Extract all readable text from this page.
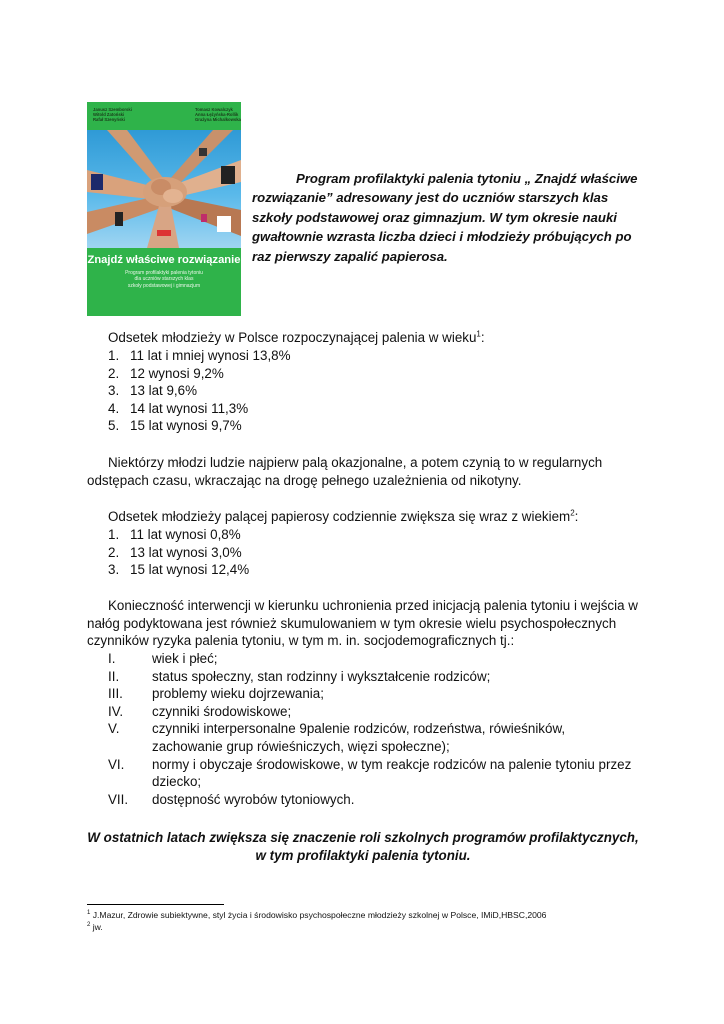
Janusz Szemborski
Witold Zatoński
Rafał Szenyński
Tomasz Kowalczyk
Anna Łężyńska-Rollik
Grażyna Michalkowska
Znajdź właściwe rozwiązanie
Program profilaktyki palenia tytoniu
dla uczniów starszych klas
szkoły podstawowej i gimnazjum
Program profilaktyki palenia tytoniu „ Znajdź właściwe rozwiązanie” adresowany jest do uczniów starszych klas szkoły podstawowej oraz gimnazjum. W tym okresie nauki gwałtownie wzrasta liczba dzieci i młodzieży próbujących po raz pierwszy zapalić papierosa.
Odsetek młodzieży w Polsce rozpoczynającej palenia w wieku$^1$:
1. 11 lat i mniej wynosi 13,8%
2. 12 wynosi 9,2%
3. 13 lat 9,6%
4. 14 lat wynosi 11,3%
5. 15 lat wynosi 9,7%
Niektórzy młodzi ludzie najpierw palą okazjonalne, a potem czynią to w regularnych odstępach czasu, wkraczając na drogę pełnego uzależnienia od nikotyny.
Odsetek młodzieży palącej papierosy codziennie zwiększa się wraz z wiekiem$^2$:
1. 11 lat wynosi 0,8%
2. 13 lat wynosi 3,0%
3. 15 lat wynosi 12,4%
Konieczność interwencji w kierunku uchronienia przed inicjacją palenia tytoniu i wejścia w nałóg podyktowana jest również skumulowaniem w tym okresie wielu psychospołecznych czynników ryzyka palenia tytoniu, w tym m. in. socjodemograficznych tj.:
I.	wiek i płeć;
II. status społeczny, stan rodzinny i wykształcenie rodziców;
III. problemy wieku dojrzewania;
IV. czynniki środowiskowe;
V. czynniki interpersonalne 9palenie rodziców, rodzeństwa, rówieśników, zachowanie grup rówieśniczych, więzi społeczne);
VI. normy i obyczaje środowiskowe, w tym reakcje rodziców na palenie tytoniu przez dziecko;
VII. dostępność wyrobów tytoniowych.
W ostatnich latach zwiększa się znaczenie roli szkolnych programów profilaktycznych, w tym profilaktyki palenia tytoniu.
$^1$ J.Mazur, Zdrowie subiektywne, styl życia i środowisko psychospołeczne młodzieży szkolnej w Polsce, IMiD,HBSC,2006
$^2$ jw.
